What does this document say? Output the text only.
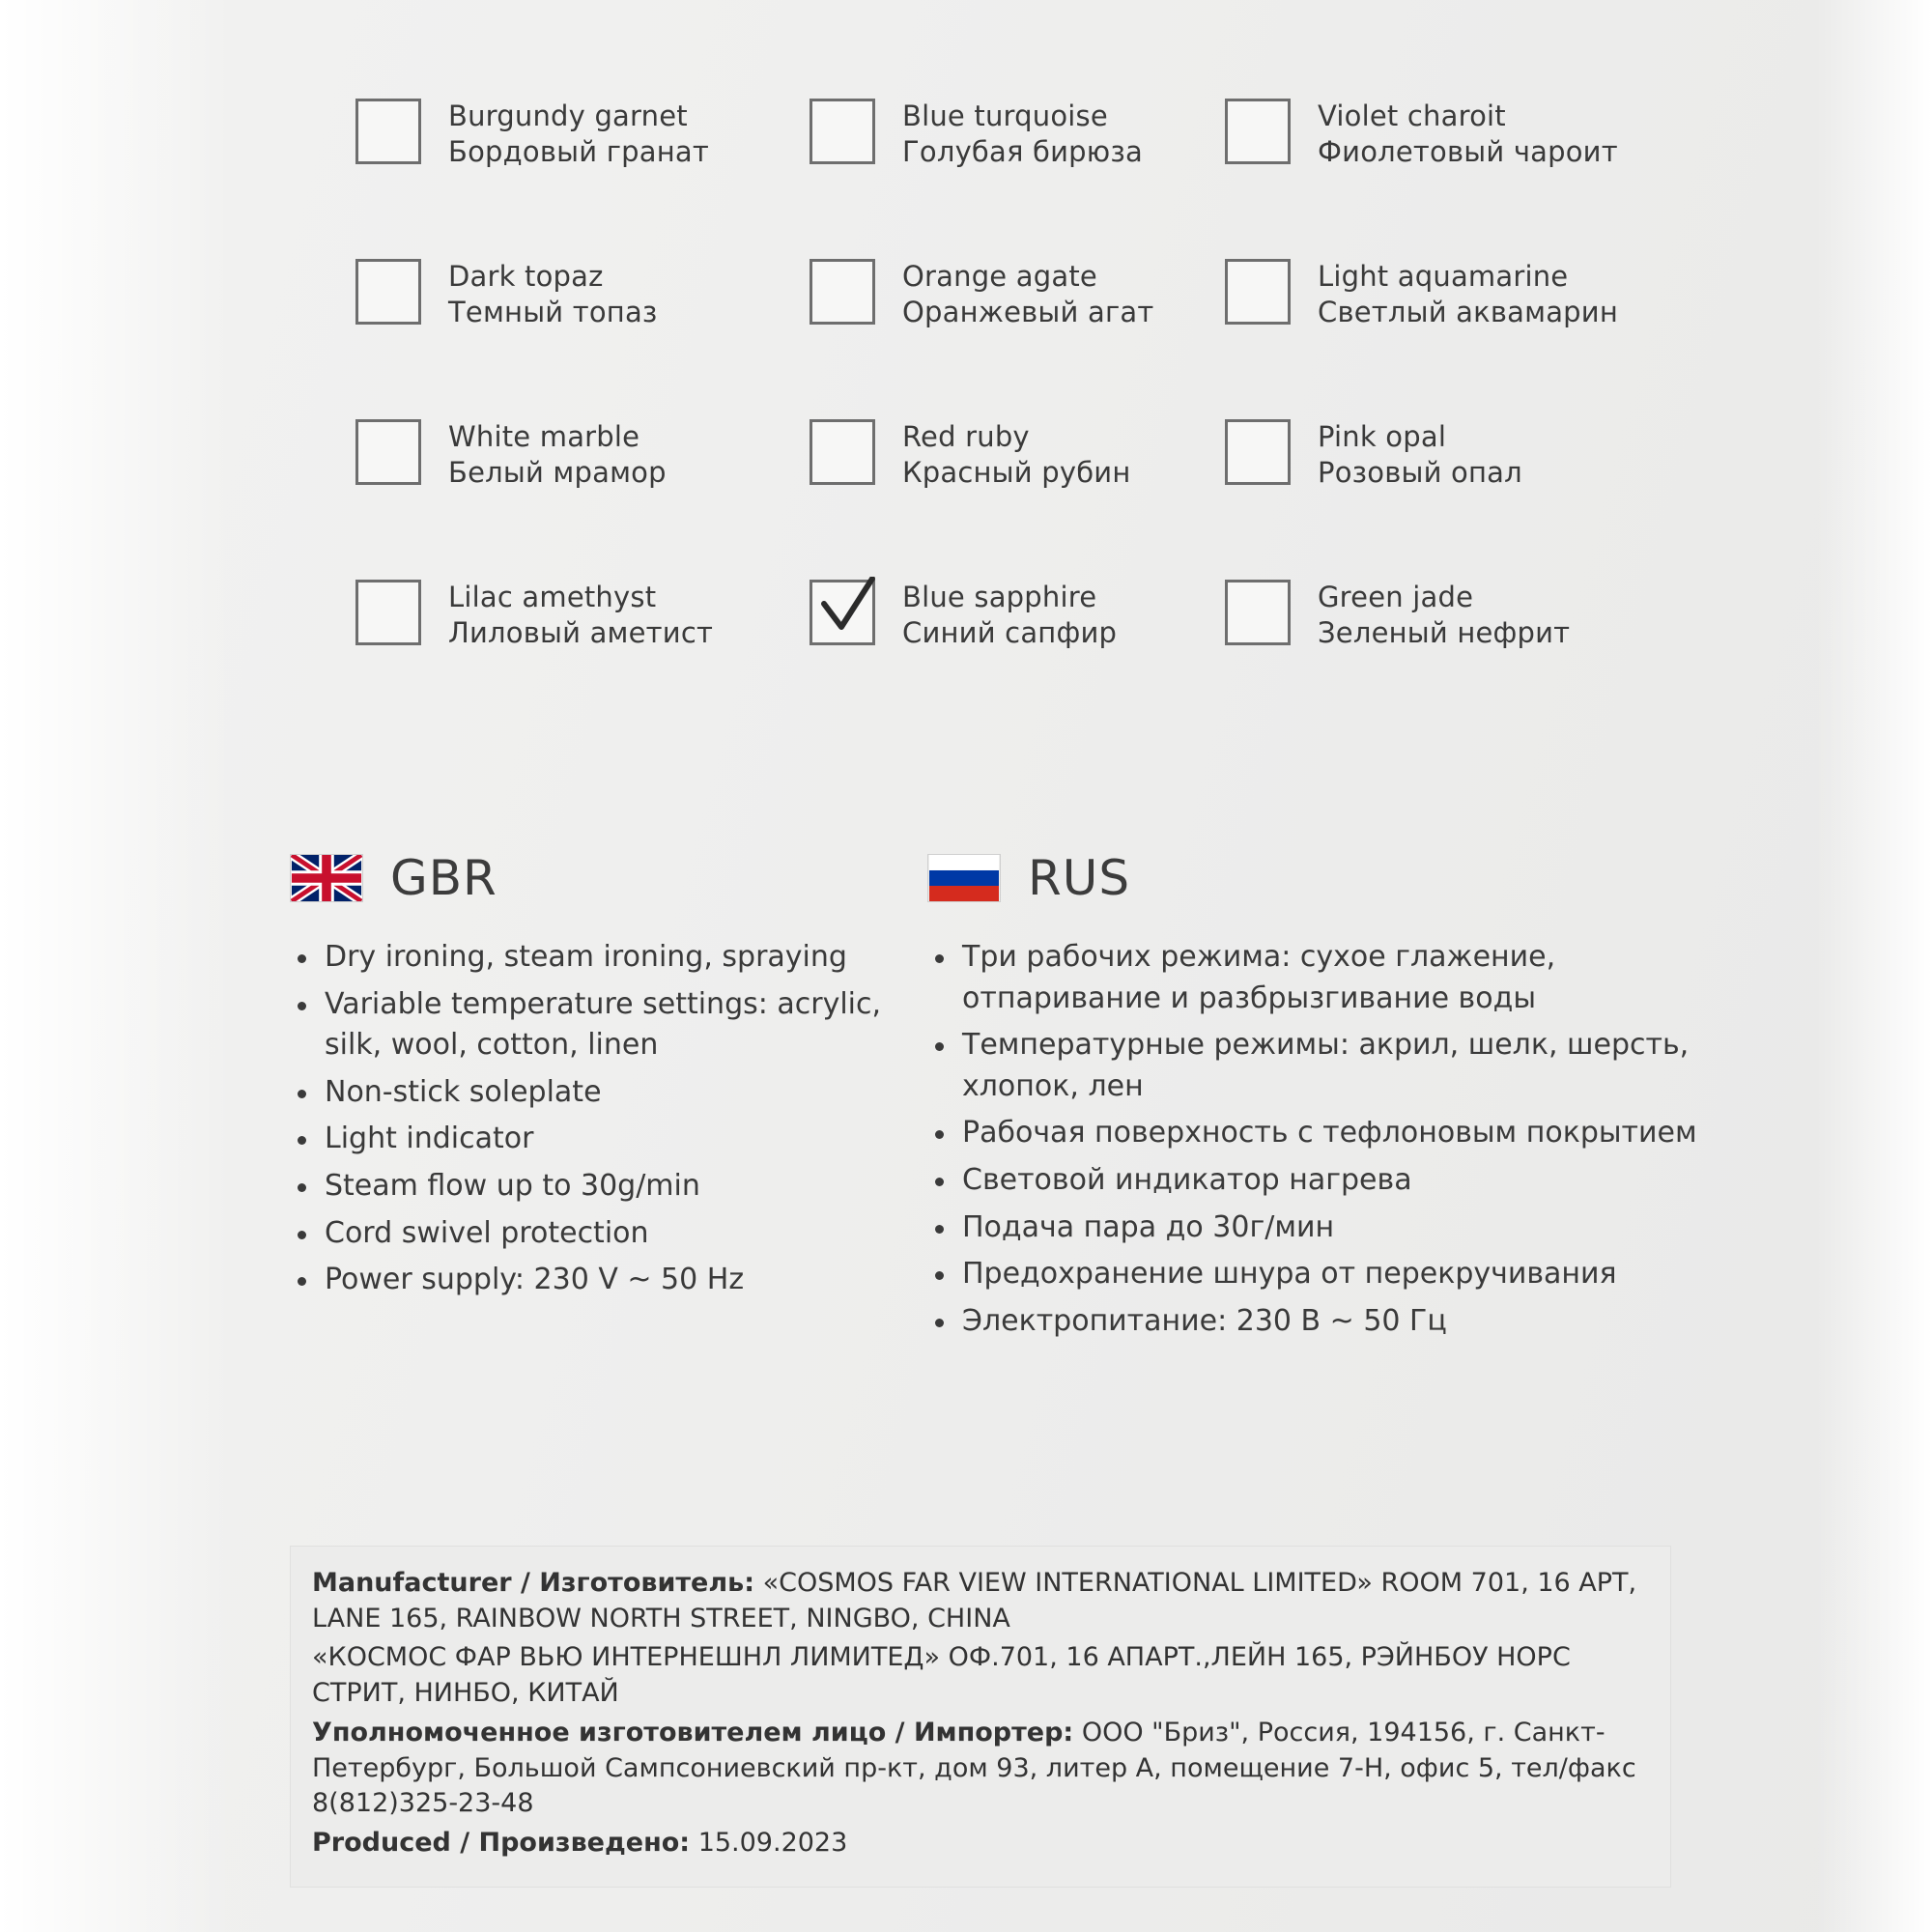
Burgundy garnet
Бордовый гранат
Blue turquoise
Голубая бирюза
Violet charoit
Фиолетовый чароит
Dark topaz
Темный топаз
Orange agate
Оранжевый агат
Light aquamarine
Светлый аквамарин
White marble
Белый мрамор
Red ruby
Красный рубин
Pink opal
Розовый опал
Lilac amethyst
Лиловый аметист
Blue sapphire
Синий сапфир
Green jade
Зеленый нефрит
GBR
Dry ironing, steam ironing, spraying
Variable temperature settings: acrylic, silk, wool, cotton, linen
Non-stick soleplate
Light indicator
Steam flow up to 30g/min
Cord swivel protection
Power supply: 230 V ~ 50 Hz
RUS
Три рабочих режима: сухое глажение, отпаривание и разбрызгивание воды
Температурные режимы: акрил, шелк, шерсть, хлопок, лен
Рабочая поверхность с тефлоновым покрытием
Световой индикатор нагрева
Подача пара до 30г/мин
Предохранение шнура от перекручивания
Электропитание: 230 В ~ 50 Гц
Manufacturer / Изготовитель: «COSMOS FAR VIEW INTERNATIONAL LIMITED» ROOM 701, 16 APT, LANE 165, RAINBOW NORTH STREET, NINGBO, CHINA
«КОСМОС ФАР ВЬЮ ИНТЕРНЕШНЛ ЛИМИТЕД» ОФ.701, 16 АПАРТ.,ЛЕЙН 165, РЭЙНБОУ НОРС СТРИТ, НИНБО, КИТАЙ
Уполномоченное изготовителем лицо / Импортер: ООО "Бриз", Россия, 194156, г. Санкт-Петербург, Большой Сампсониевский пр-кт, дом 93, литер А, помещение 7-Н, офис 5, тел/факс 8(812)325-23-48
Produced / Произведено: 15.09.2023
